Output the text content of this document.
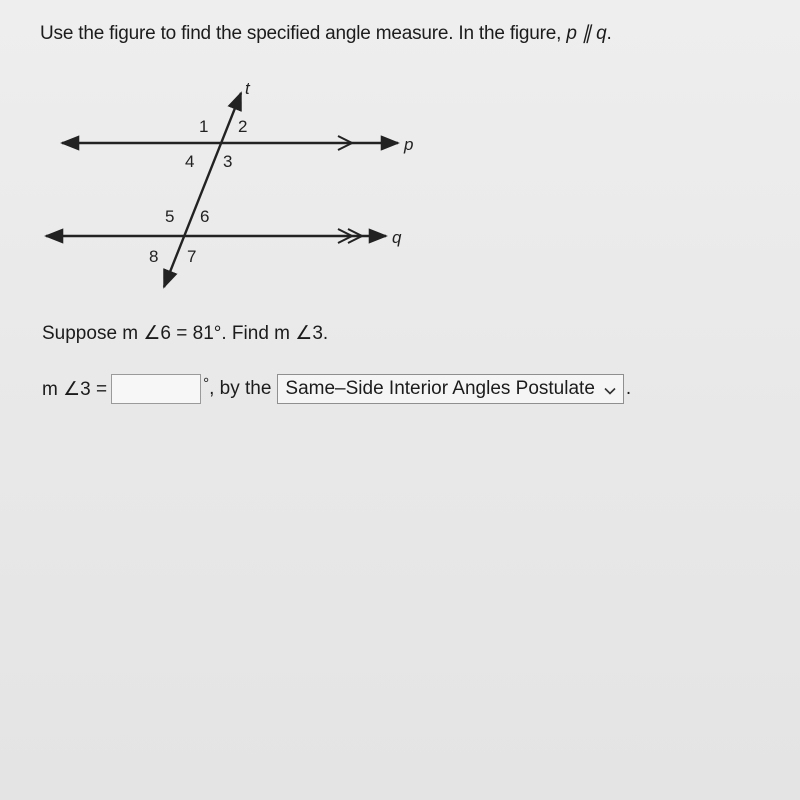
Use the figure to find the specified angle measure. In the figure, p ∥ q.
t
p
q
1 2
3
4
5 6
7
8
Suppose m ∠6 = 81°. Find m ∠3.
m ∠3 =	° , by the Same–Side Interior Angles Postulate .
